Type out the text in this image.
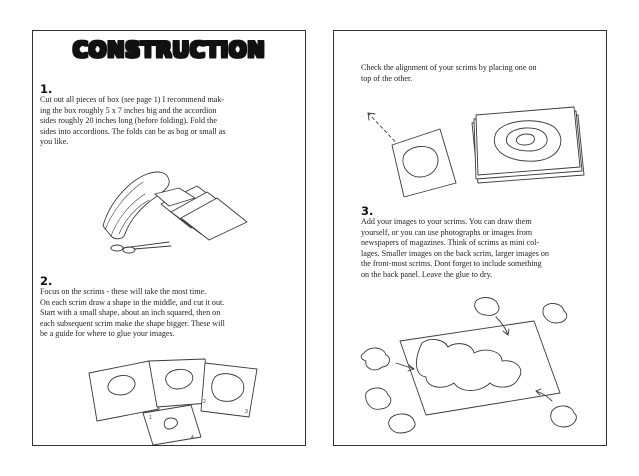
CONSTRUCTION
1.
Cut out all pieces of box (see page 1) I recommend mak-
ing the box roughly 5 x 7 inches big and the accordion
sides roughly 20 inches long (before folding). Fold the
sides into accordions. The folds can be as bog or small as
you like.
2.
Focus on the scrims - these will take the most time.
On each scrim draw a shape in the middle, and cut it out.
Start with a small shape, about an inch squared, then on
each subsequent scrim make the shape bigger. These will
be a guide for where to glue your images.
1
2
3
4
Check the alignment of your scrims by placing one on
top of the other.
3.
Add your images to your scrims. You can draw them
yourself, or you can use photographs or images from
newspapers of magazines. Think of scrims as mini col-
lages. Smaller images on the back scrim, larger images on
the front-most scrims. Dont forget to include something
on the back panel. Leave the glue to dry.
